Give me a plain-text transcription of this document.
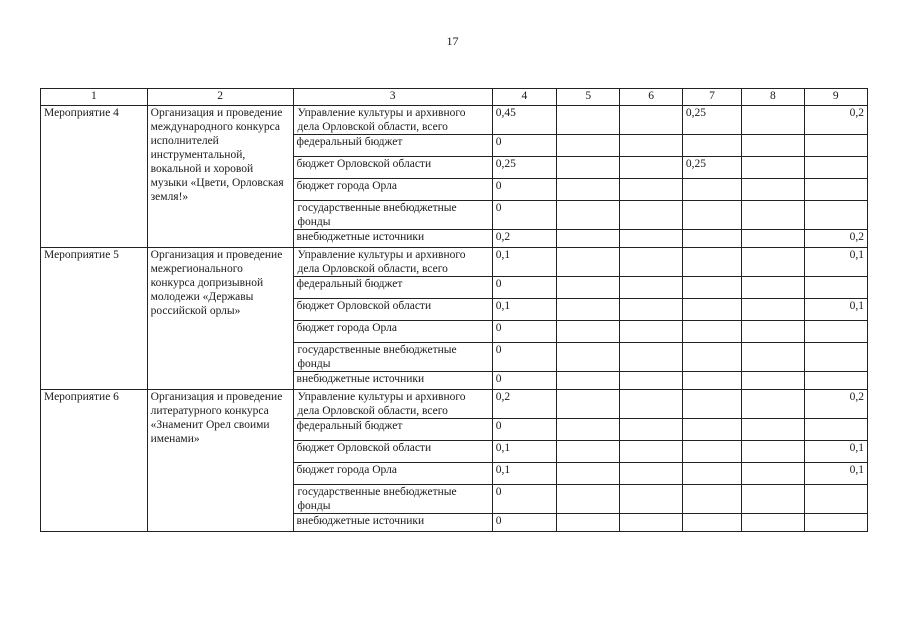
17
1	2	3	4	5	6	7	8	9
Мероприятие 4	Организация и проведение международного конкурса исполнителей инструментальной, вокальной и хоровой музыки «Цвети, Орловская земля!»	Управление культуры и архивного дела Орловской области, всего	0,45			0,25		0,2
		федеральный бюджет	0					
		бюджет Орловской области	0,25			0,25		
		бюджет города Орла	0					
		государственные внебюджетные фонды	0					
		внебюджетные источники	0,2					0,2
Мероприятие 5	Организация и проведение межрегионального конкурса допризывной молодежи «Державы российской орлы»	Управление культуры и архивного дела Орловской области, всего	0,1					0,1
		федеральный бюджет	0					
		бюджет Орловской области	0,1					0,1
		бюджет города Орла	0					
		государственные внебюджетные фонды	0					
		внебюджетные источники	0					
Мероприятие 6	Организация и проведение литературного конкурса «Знаменит Орел своими именами»	Управление культуры и архивного дела Орловской области, всего	0,2					0,2
		федеральный бюджет	0					
		бюджет Орловской области	0,1					0,1
		бюджет города Орла	0,1					0,1
		государственные внебюджетные фонды	0					
		внебюджетные источники	0					
